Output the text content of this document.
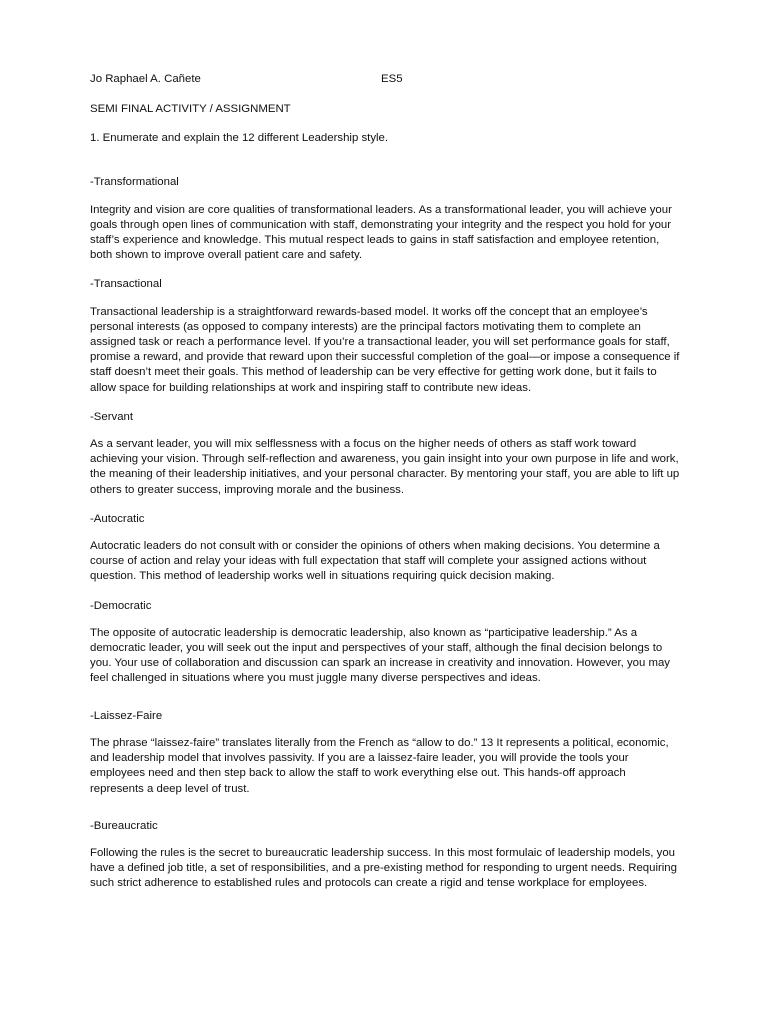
Jo Raphael A. Cañete	ES5
SEMI FINAL ACTIVITY / ASSIGNMENT
1. Enumerate and explain the 12 different Leadership style.
-Transformational
Integrity and vision are core qualities of transformational leaders. As a transformational leader, you will achieve your goals through open lines of communication with staff, demonstrating your integrity and the respect you hold for your staff’s experience and knowledge. This mutual respect leads to gains in staff satisfaction and employee retention, both shown to improve overall patient care and safety.
-Transactional
Transactional leadership is a straightforward rewards-based model. It works off the concept that an employee’s personal interests (as opposed to company interests) are the principal factors motivating them to complete an assigned task or reach a performance level. If you’re a transactional leader, you will set performance goals for staff, promise a reward, and provide that reward upon their successful completion of the goal—or impose a consequence if staff doesn’t meet their goals. This method of leadership can be very effective for getting work done, but it fails to allow space for building relationships at work and inspiring staff to contribute new ideas.
-Servant
As a servant leader, you will mix selflessness with a focus on the higher needs of others as staff work toward achieving your vision. Through self-reflection and awareness, you gain insight into your own purpose in life and work, the meaning of their leadership initiatives, and your personal character. By mentoring your staff, you are able to lift up others to greater success, improving morale and the business.
-Autocratic
Autocratic leaders do not consult with or consider the opinions of others when making decisions. You determine a course of action and relay your ideas with full expectation that staff will complete your assigned actions without question. This method of leadership works well in situations requiring quick decision making.
-Democratic
The opposite of autocratic leadership is democratic leadership, also known as “participative leadership.” As a democratic leader, you will seek out the input and perspectives of your staff, although the final decision belongs to you. Your use of collaboration and discussion can spark an increase in creativity and innovation. However, you may feel challenged in situations where you must juggle many diverse perspectives and ideas.
-Laissez-Faire
The phrase “laissez-faire” translates literally from the French as “allow to do.” 13 It represents a political, economic, and leadership model that involves passivity. If you are a laissez-faire leader, you will provide the tools your employees need and then step back to allow the staff to work everything else out. This hands-off approach represents a deep level of trust.
-Bureaucratic
Following the rules is the secret to bureaucratic leadership success. In this most formulaic of leadership models, you have a defined job title, a set of responsibilities, and a pre-existing method for responding to urgent needs. Requiring such strict adherence to established rules and protocols can create a rigid and tense workplace for employees.
